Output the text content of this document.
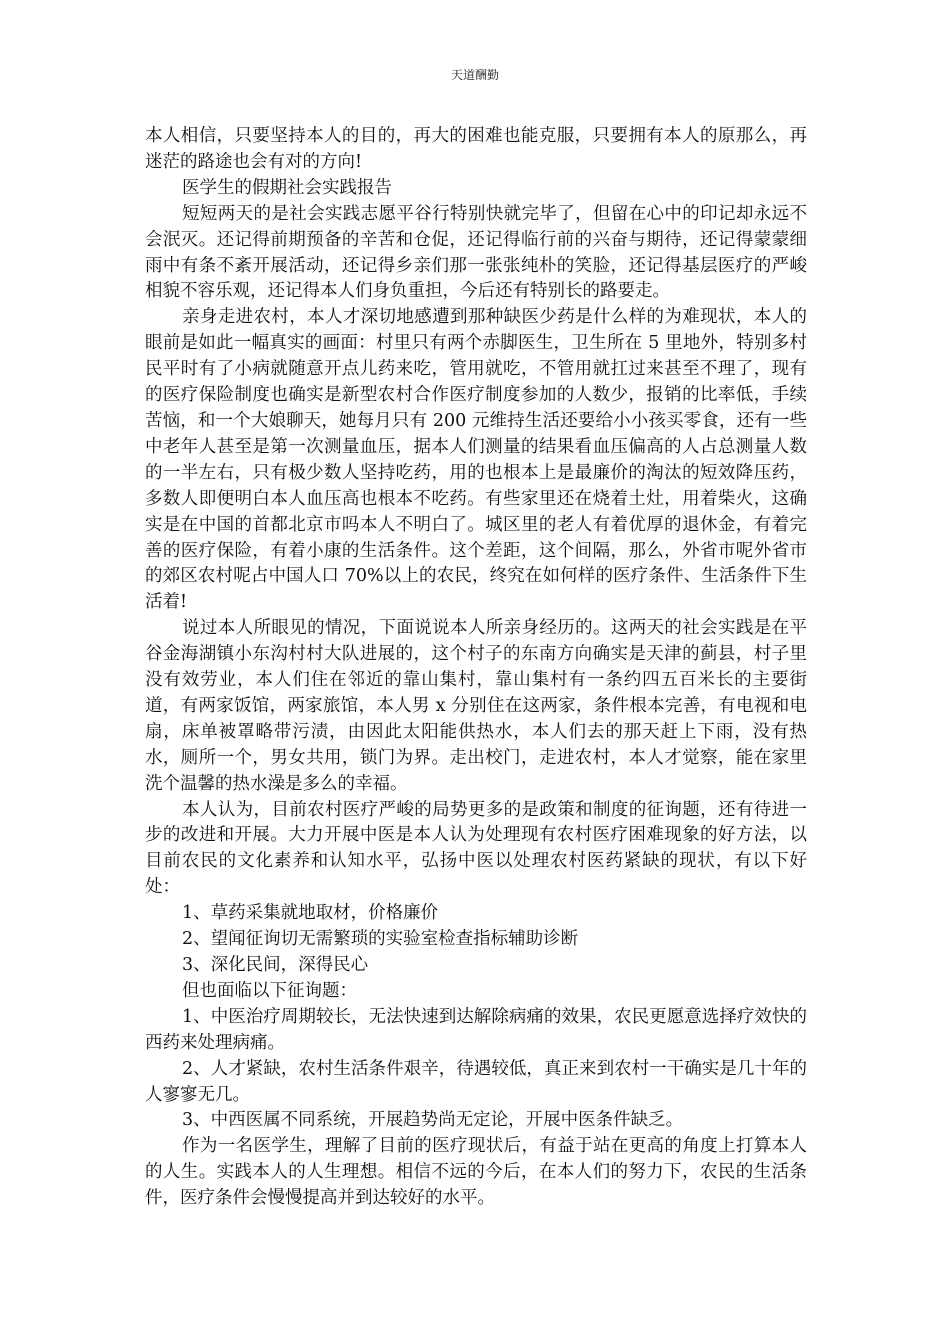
天道酬勤

本人相信，只要坚持本人的目的，再大的困难也能克服，只要拥有本人的原那么，再迷茫的路途也会有对的方向!

医学生的假期社会实践报告

短短两天的是社会实践志愿平谷行特别快就完毕了，但留在心中的印记却永远不会泯灭。还记得前期预备的辛苦和仓促，还记得临行前的兴奋与期待，还记得蒙蒙细雨中有条不紊开展活动，还记得乡亲们那一张张纯朴的笑脸，还记得基层医疗的严峻相貌不容乐观，还记得本人们身负重担，今后还有特别长的路要走。

亲身走进农村，本人才深切地感遭到那种缺医少药是什么样的为难现状，本人的眼前是如此一幅真实的画面：村里只有两个赤脚医生，卫生所在 5 里地外，特别多村民平时有了小病就随意开点儿药来吃，管用就吃，不管用就扛过来甚至不理了，现有的医疗保险制度也确实是新型农村合作医疗制度参加的人数少，报销的比率低，手续苦恼，和一个大娘聊天，她每月只有 200 元维持生活还要给小小孩买零食，还有一些中老年人甚至是第一次测量血压，据本人们测量的结果看血压偏高的人占总测量人数的一半左右，只有极少数人坚持吃药，用的也根本上是最廉价的淘汰的短效降压药，多数人即便明白本人血压高也根本不吃药。有些家里还在烧着土灶，用着柴火，这确实是在中国的首都北京市吗本人不明白了。城区里的老人有着优厚的退休金，有着完善的医疗保险，有着小康的生活条件。这个差距，这个间隔，那么，外省市呢外省市的郊区农村呢占中国人口 70%以上的农民，终究在如何样的医疗条件、生活条件下生活着!

说过本人所眼见的情况，下面说说本人所亲身经历的。这两天的社会实践是在平谷金海湖镇小东沟村村大队进展的，这个村子的东南方向确实是天津的蓟县，村子里没有效劳业，本人们住在邻近的靠山集村，靠山集村有一条约四五百米长的主要街道，有两家饭馆，两家旅馆，本人男 x 分别住在这两家，条件根本完善，有电视和电扇，床单被罩略带污渍，由因此太阳能供热水，本人们去的那天赶上下雨，没有热水，厕所一个，男女共用，锁门为界。走出校门，走进农村，本人才觉察，能在家里洗个温馨的热水澡是多么的幸福。

本人认为，目前农村医疗严峻的局势更多的是政策和制度的征询题，还有待进一步的改进和开展。大力开展中医是本人认为处理现有农村医疗困难现象的好方法，以目前农民的文化素养和认知水平，弘扬中医以处理农村医药紧缺的现状，有以下好处：

1、草药采集就地取材，价格廉价

2、望闻征询切无需繁琐的实验室检查指标辅助诊断

3、深化民间，深得民心

但也面临以下征询题：

1、中医治疗周期较长，无法快速到达解除病痛的效果，农民更愿意选择疗效快的西药来处理病痛。

2、人才紧缺，农村生活条件艰辛，待遇较低，真正来到农村一干确实是几十年的人寥寥无几。

3、中西医属不同系统，开展趋势尚无定论，开展中医条件缺乏。

作为一名医学生，理解了目前的医疗现状后，有益于站在更高的角度上打算本人的人生。实践本人的人生理想。相信不远的今后，在本人们的努力下，农民的生活条件，医疗条件会慢慢提高并到达较好的水平。
